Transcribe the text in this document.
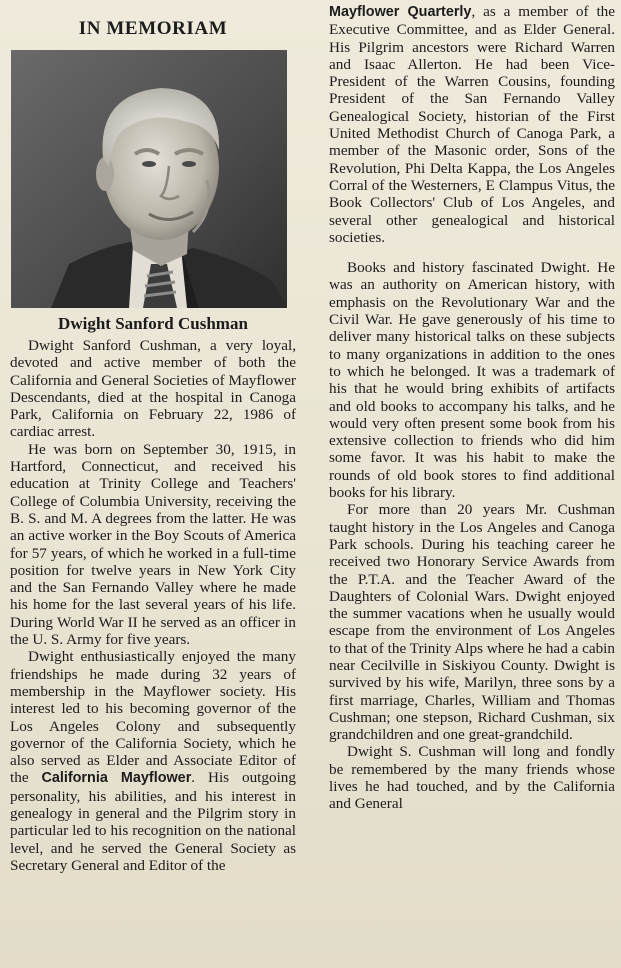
IN MEMORIAM
Dwight Sanford Cushman

Dwight Sanford Cushman, a very loyal, devoted and active member of both the California and General Societies of Mayflower Descendants, died at the hospital in Canoga Park, California on February 22, 1986 of cardiac arrest.

He was born on September 30, 1915, in Hartford, Connecticut, and received his education at Trinity College and Teachers' College of Columbia University, receiving the B. S. and M. A degrees from the latter. He was an active worker in the Boy Scouts of America for 57 years, of which he worked in a full-time position for twelve years in New York City and the San Fernando Valley where he made his home for the last several years of his life. During World War II he served as an officer in the U. S. Army for five years.

Dwight enthusiastically enjoyed the many friendships he made during 32 years of membership in the Mayflower society. His interest led to his becoming governor of the Los Angeles Colony and subsequently governor of the California Society, which he also served as Elder and Associate Editor of the California Mayflower. His outgoing personality, his abilities, and his interest in genealogy in general and the Pilgrim story in particular led to his recognition on the national level, and he served the General Society as Secretary General and Editor of the

Mayflower Quarterly, as a member of the Executive Committee, and as Elder General. His Pilgrim ancestors were Richard Warren and Isaac Allerton. He had been Vice-President of the Warren Cousins, founding President of the San Fernando Valley Genealogical Society, historian of the First United Methodist Church of Canoga Park, a member of the Masonic order, Sons of the Revolution, Phi Delta Kappa, the Los Angeles Corral of the Westerners, E Clampus Vitus, the Book Collectors' Club of Los Angeles, and several other genealogical and historical societies.

Books and history fascinated Dwight. He was an authority on American history, with emphasis on the Revolutionary War and the Civil War. He gave generously of his time to deliver many historical talks on these subjects to many organizations in addition to the ones to which he belonged. It was a trademark of his that he would bring exhibits of artifacts and old books to accompany his talks, and he would very often present some book from his extensive collection to friends who did him some favor. It was his habit to make the rounds of old book stores to find additional books for his library.

For more than 20 years Mr. Cushman taught history in the Los Angeles and Canoga Park schools. During his teaching career he received two Honorary Service Awards from the P.T.A. and the Teacher Award of the Daughters of Colonial Wars. Dwight enjoyed the summer vacations when he usually would escape from the environment of Los Angeles to that of the Trinity Alps where he had a cabin near Cecilville in Siskiyou County. Dwight is survived by his wife, Marilyn, three sons by a first marriage, Charles, William and Thomas Cushman; one stepson, Richard Cushman, six grandchildren and one great-grandchild.

Dwight S. Cushman will long and fondly be remembered by the many friends whose lives he had touched, and by the California and General
